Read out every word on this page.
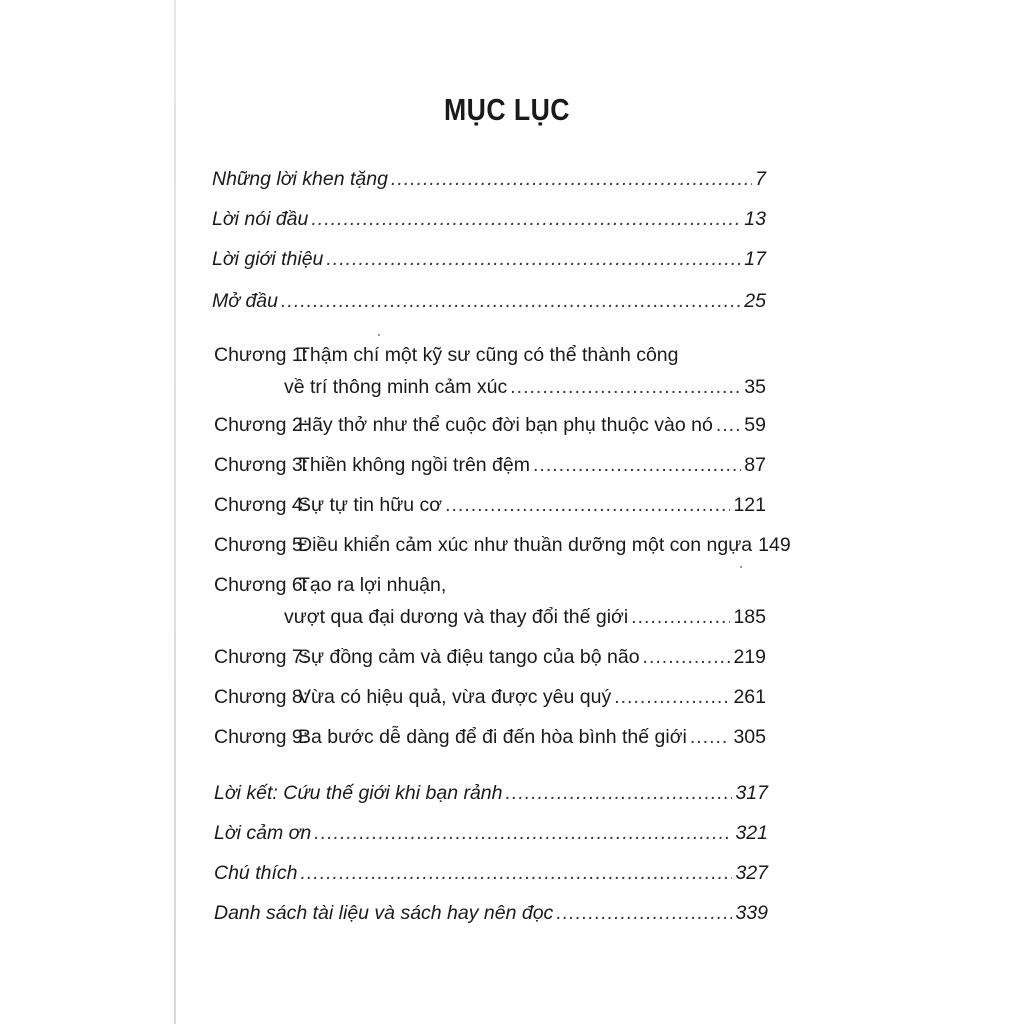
MỤC LỤC
Những lời khen tặng .....	7
Lời nói đầu .....	13
Lời giới thiệu .....	17
Mở đầu .....	25
Chương 1:Thậm chí một kỹ sư cũng có thể thành công
về trí thông minh cảm xúc .....	35
Chương 2:Hãy thở như thể cuộc đời bạn phụ thuộc vào nó ..... 59
Chương 3:Thiền không ngồi trên đệm .....	87
Chương 4:Sự tự tin hữu cơ .....	121
Chương 5:Điều khiển cảm xúc như thuần dưỡng một con ngựa 149
Chương 6:Tạo ra lợi nhuận,
vượt qua đại dương và thay đổi thế giới .....	185
Chương 7:Sự đồng cảm và điệu tango của bộ não .....	219
Chương 8:Vừa có hiệu quả, vừa được yêu quý .....	261
Chương 9:Ba bước dễ dàng để đi đến hòa bình thế giới ..... 305
Lời kết: Cứu thế giới khi bạn rảnh .....	317
Lời cảm ơn .....	321
Chú thích .....	327
Danh sách tài liệu và sách hay nên đọc .....	339
